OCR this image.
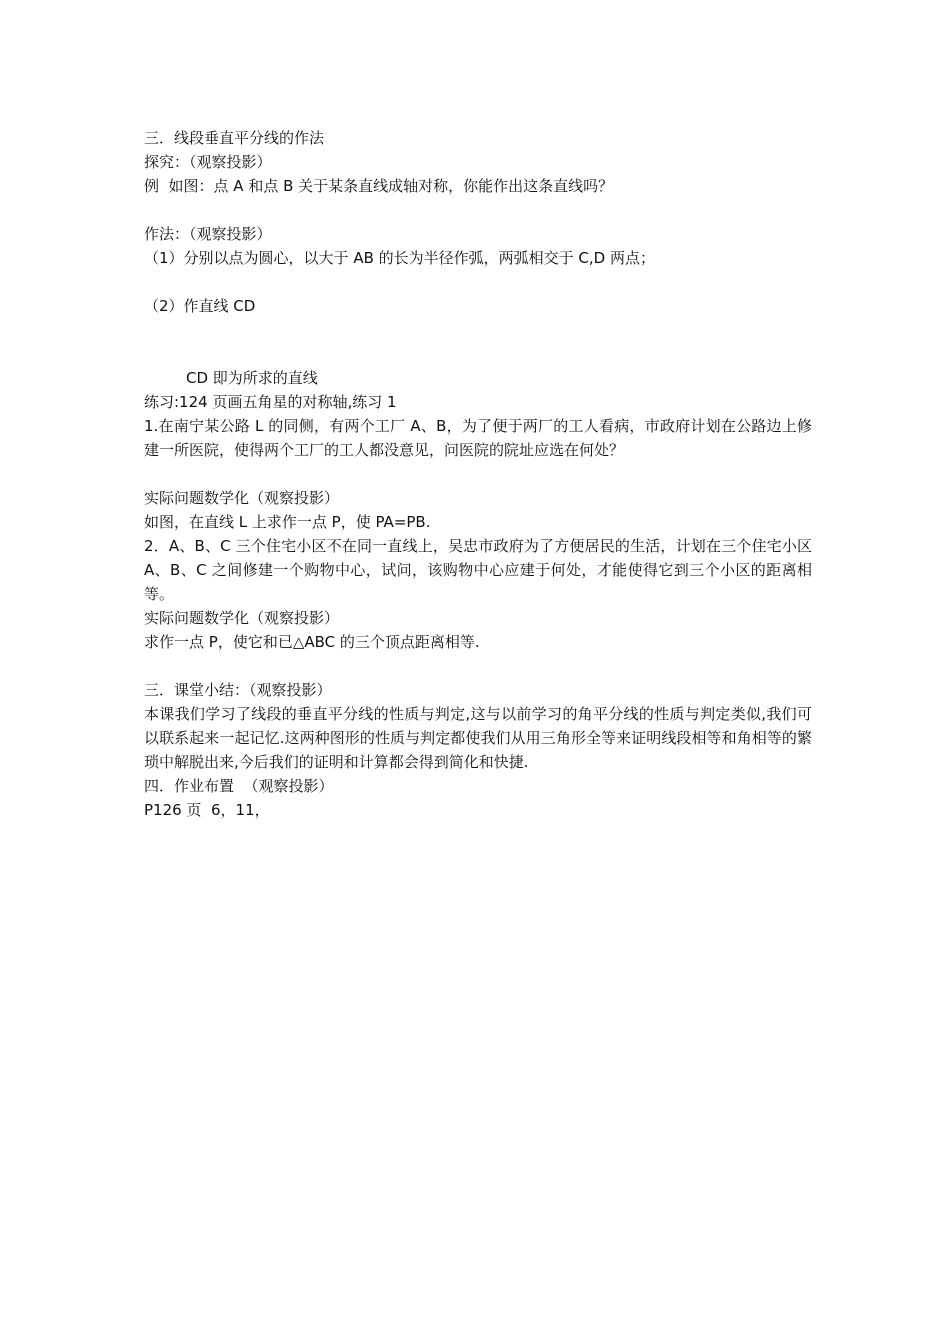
三．线段垂直平分线的作法
探究：（观察投影）
例  如图：点 A 和点 B 关于某条直线成轴对称，你能作出这条直线吗？
作法：（观察投影）
（1）分别以点为圆心，以大于 AB 的长为半径作弧，两弧相交于 C,D 两点；
（2）作直线 CD
CD 即为所求的直线
练习:124 页画五角星的对称轴,练习 1
1.在南宁某公路 L 的同侧，有两个工厂 A、B，为了便于两厂的工人看病，市政府计划在公路边上修建一所医院，使得两个工厂的工人都没意见，问医院的院址应选在何处？
实际问题数学化（观察投影）
如图，在直线 L 上求作一点 P，使 PA=PB.
2．A、B、C 三个住宅小区不在同一直线上，吴忠市政府为了方便居民的生活，计划在三个住宅小区 A、B、C 之间修建一个购物中心，试问，该购物中心应建于何处，才能使得它到三个小区的距离相等。
实际问题数学化（观察投影）
求作一点 P，使它和已△ABC 的三个顶点距离相等.
三．课堂小结：（观察投影）
本课我们学习了线段的垂直平分线的性质与判定,这与以前学习的角平分线的性质与判定类似,我们可以联系起来一起记忆.这两种图形的性质与判定都使我们从用三角形全等来证明线段相等和角相等的繁琐中解脱出来,今后我们的证明和计算都会得到简化和快捷.
四．作业布置  （观察投影）
P126 页  6，11，
